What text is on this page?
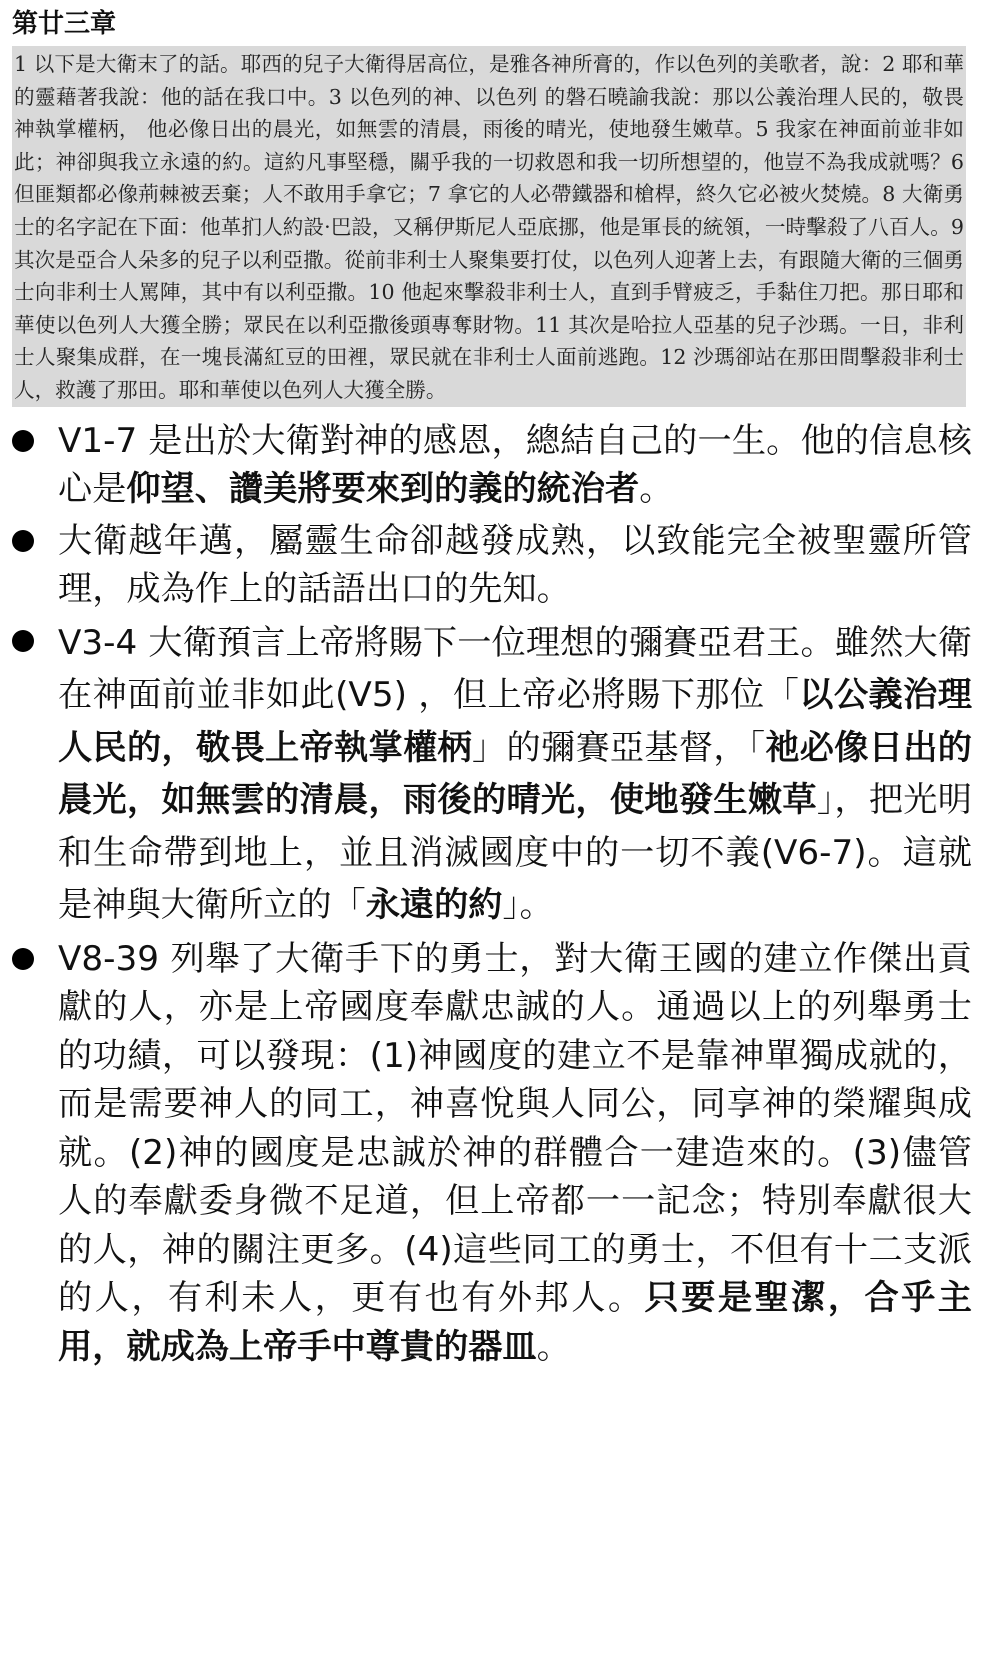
第廿三章
1 以下是大衛末了的話。耶西的兒子大衛得居高位，是雅各神所膏的，作以色列的美歌者，說：2 耶和華的靈藉著我說：他的話在我口中。3 以色列的神、以色列 的磐石曉諭我說：那以公義治理人民的，敬畏神執掌權柄， 他必像日出的晨光，如無雲的清晨，雨後的晴光，使地發生嫩草。5 我家在神面前並非如此；神卻與我立永遠的約。這約凡事堅穩，關乎我的一切救恩和我一切所想望的，他豈不為我成就嗎？6 但匪類都必像荊棘被丟棄；人不敢用手拿它；7 拿它的人必帶鐵器和槍桿，終久它必被火焚燒。8 大衛勇士的名字記在下面：他革扪人約設·巴設，又稱伊斯尼人亞底挪，他是軍長的統領，一時擊殺了八百人。9 其次是亞合人朵多的兒子以利亞撒。從前非利士人聚集要打仗，以色列人迎著上去，有跟隨大衛的三個勇士向非利士人罵陣，其中有以利亞撒。10 他起來擊殺非利士人，直到手臂疲乏，手黏住刀把。那日耶和華使以色列人大獲全勝；眾民在以利亞撒後頭專奪財物。11 其次是哈拉人亞基的兒子沙瑪。一日，非利士人聚集成群，在一塊長滿紅豆的田裡，眾民就在非利士人面前逃跑。12 沙瑪卻站在那田間擊殺非利士人，救護了那田。耶和華使以色列人大獲全勝。
V1-7 是出於大衛對神的感恩，總結自己的一生。他的信息核心是仰望、讚美將要來到的義的統治者。
大衛越年邁，屬靈生命卻越發成熟，以致能完全被聖靈所管理，成為作上的話語出口的先知。
V3-4 大衛預言上帝將賜下一位理想的彌賽亞君王。雖然大衛在神面前並非如此(V5) ，但上帝必將賜下那位「以公義治理人民的，敬畏上帝執掌權柄」的彌賽亞基督，「祂必像日出的晨光，如無雲的清晨，雨後的晴光，使地發生嫩草」，把光明和生命帶到地上，並且消滅國度中的一切不義(V6-7)。這就是神與大衛所立的「永遠的約」。
V8-39 列舉了大衛手下的勇士，對大衛王國的建立作傑出貢獻的人，亦是上帝國度奉獻忠誠的人。通過以上的列舉勇士的功績，可以發現：(1)神國度的建立不是靠神單獨成就的，而是需要神人的同工，神喜悅與人同公，同享神的榮耀與成就。(2)神的國度是忠誠於神的群體合一建造來的。(3)儘管人的奉獻委身微不足道，但上帝都一一記念；特別奉獻很大的人，神的關注更多。(4)這些同工的勇士，不但有十二支派的人，有利未人，更有也有外邦人。只要是聖潔，合乎主用，就成為上帝手中尊貴的器皿。
